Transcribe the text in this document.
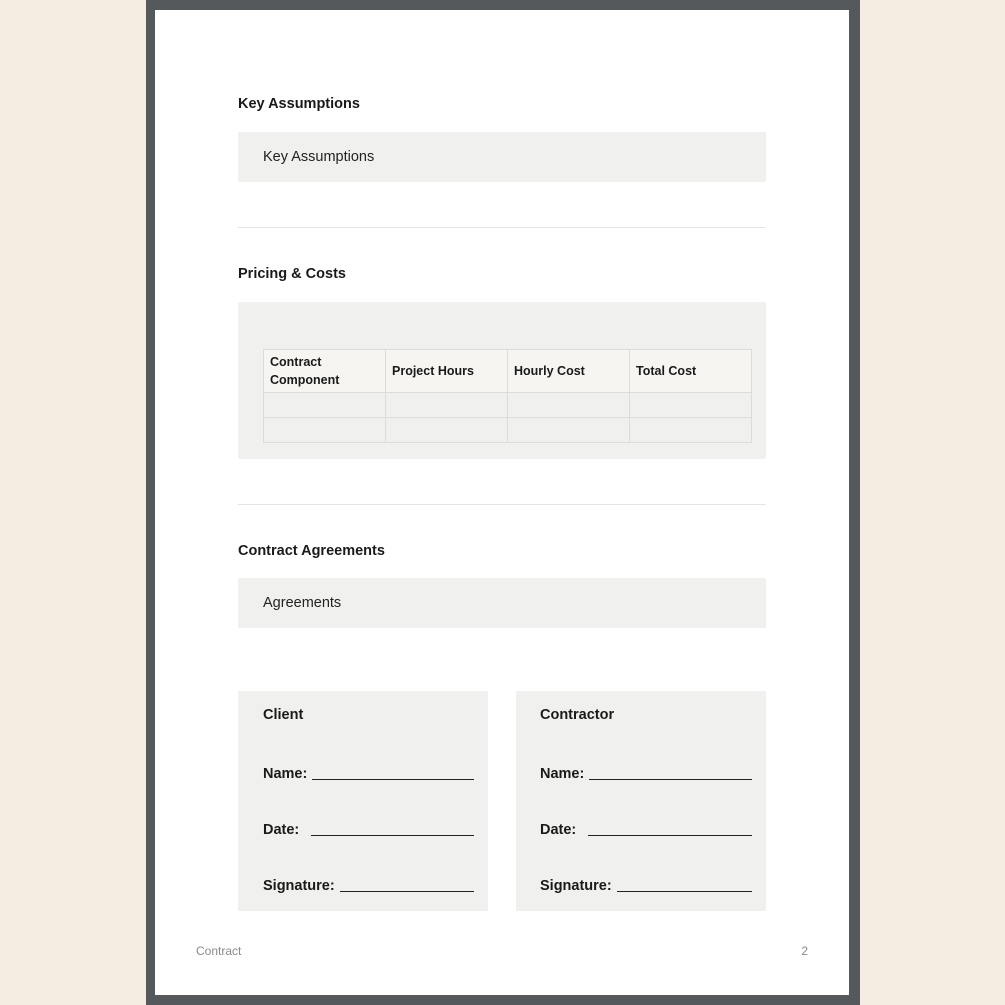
Key Assumptions
Key Assumptions
Pricing & Costs
Contract Component	Project Hours	Hourly Cost	Total Cost

Contract Agreements
Agreements
Client
Name:
Date:
Signature:
Contractor
Name:
Date:
Signature:
Contract	2
